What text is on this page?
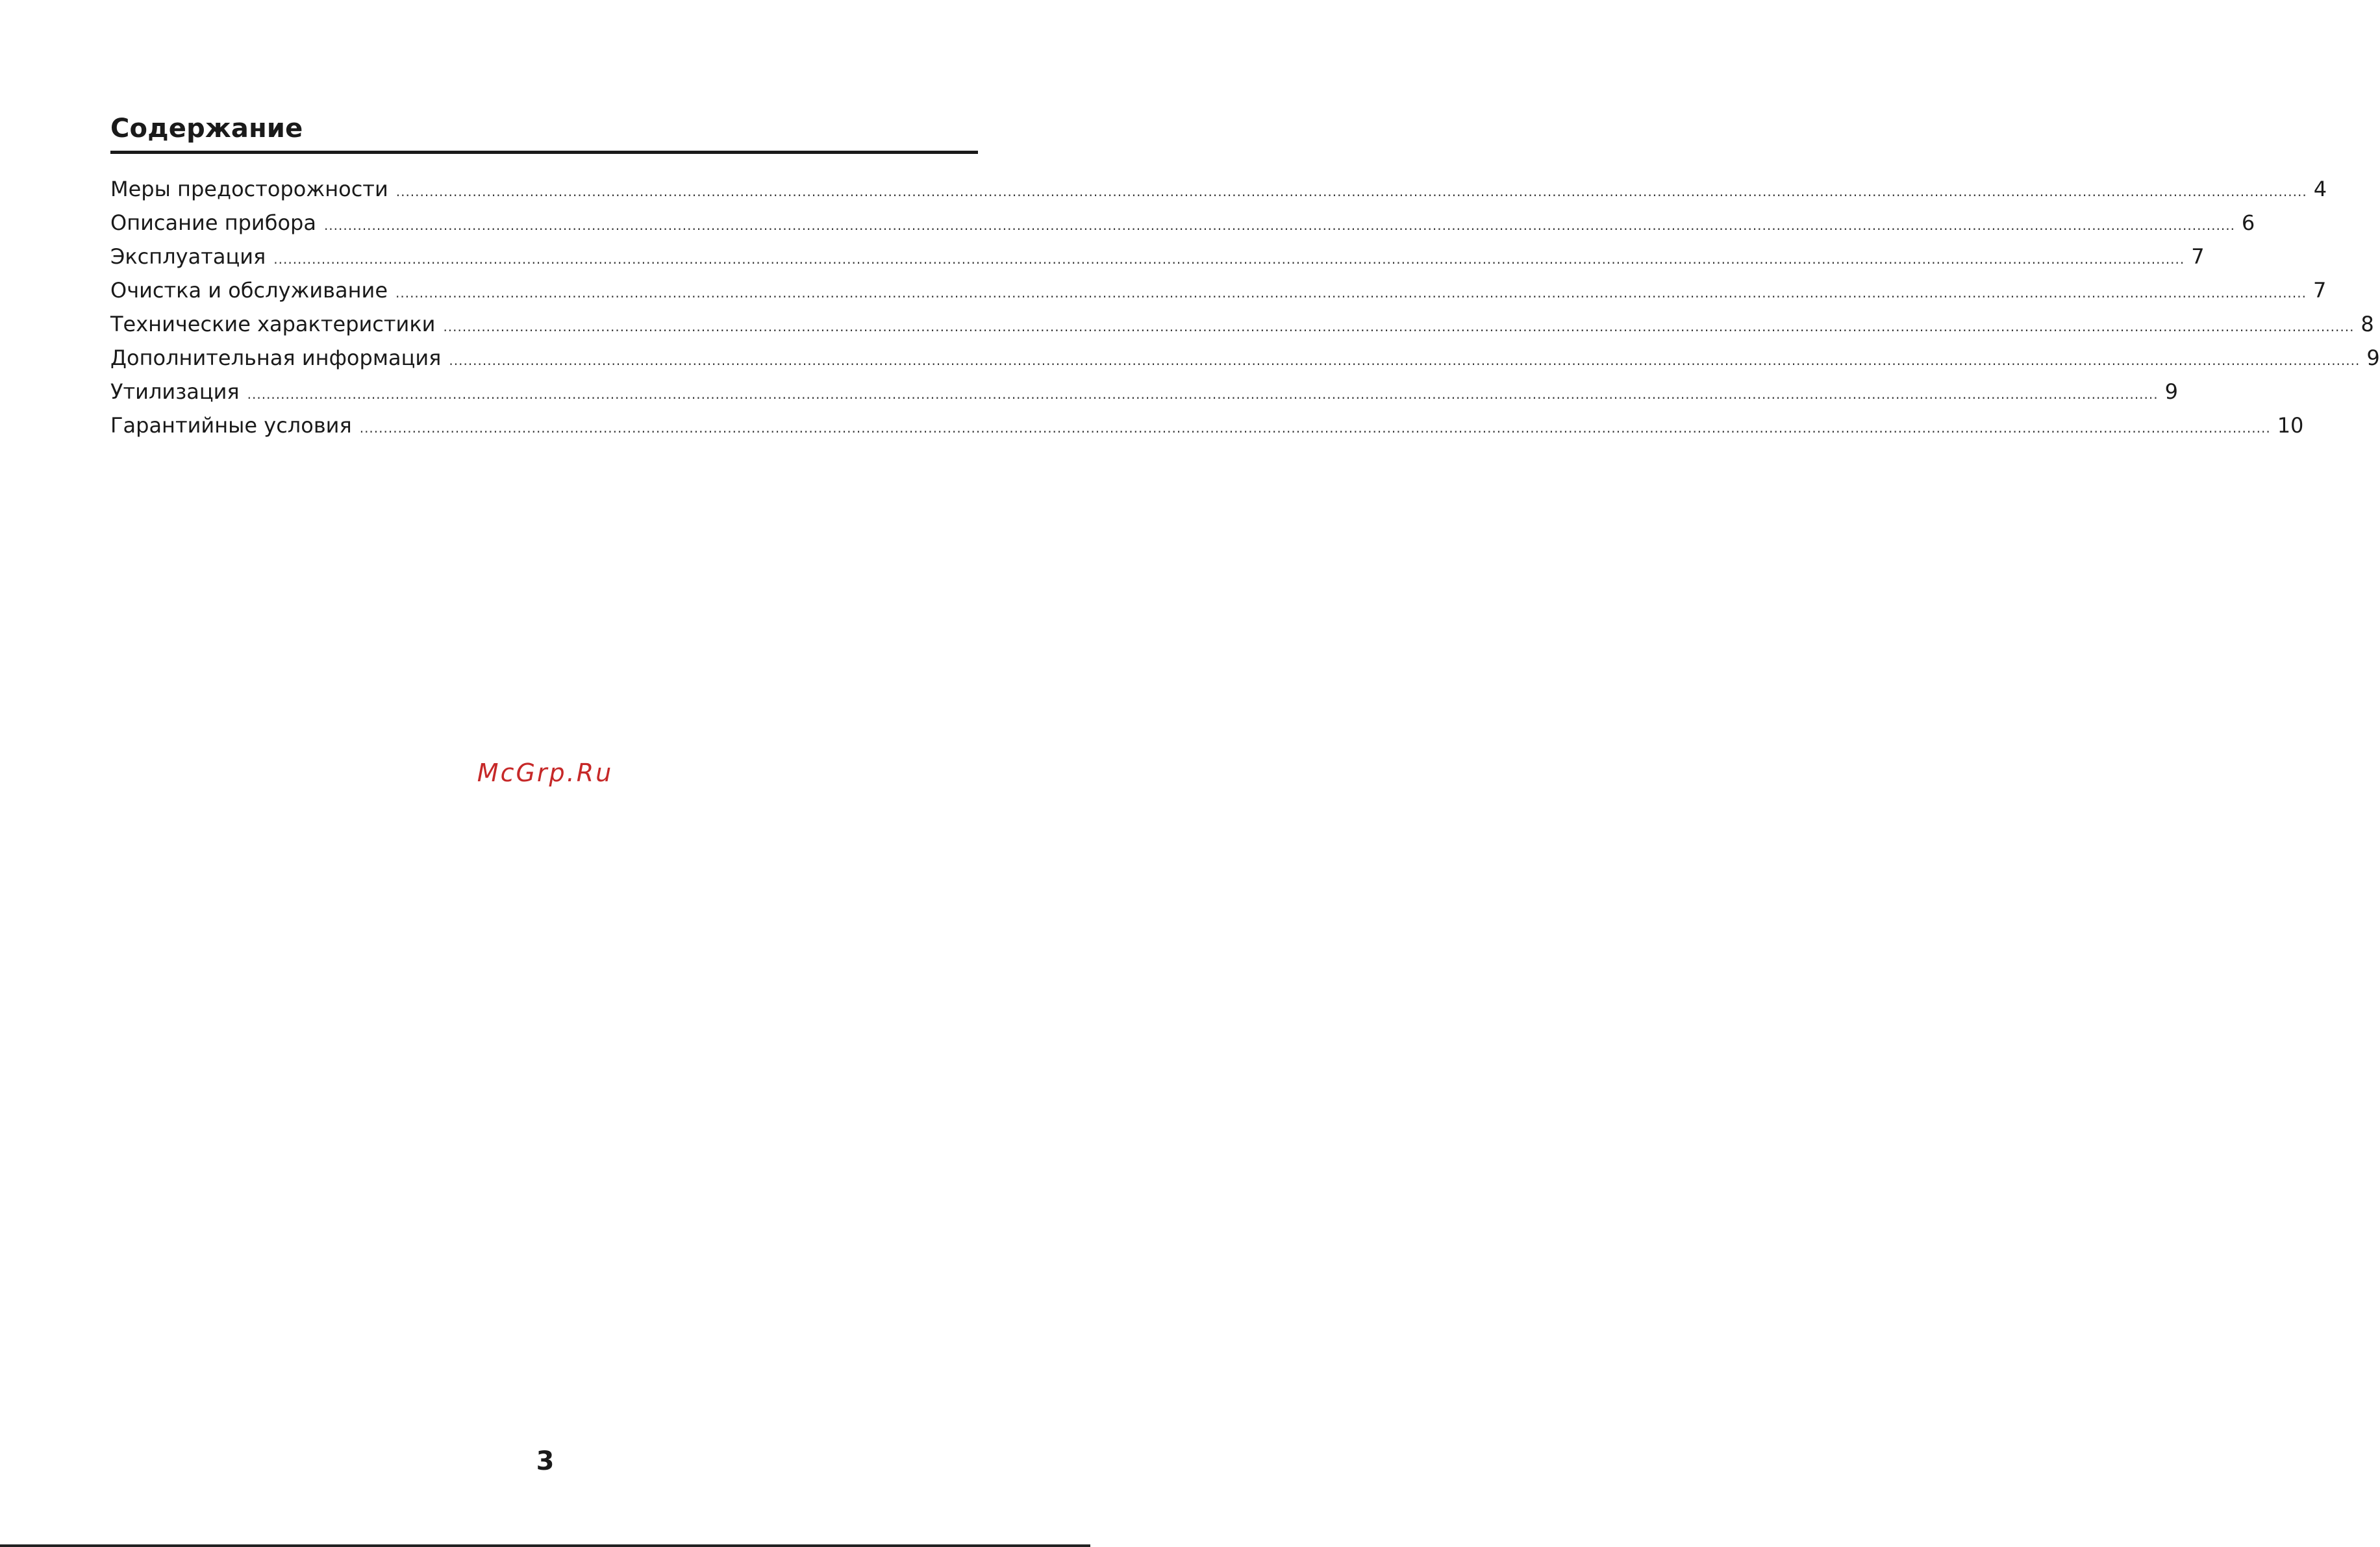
Содержание
Меры предосторожности ................................................................................................................................................................................................................................................................................................................................................................................................................ 4
Описание прибора ................................................................................................................................................................................................................................................................................................................................................................................................................ 6
Эксплуатация ................................................................................................................................................................................................................................................................................................................................................................................................................ 7
Очистка и обслуживание ................................................................................................................................................................................................................................................................................................................................................................................................................ 7
Технические характеристики ................................................................................................................................................................................................................................................................................................................................................................................................................ 8
Дополнительная информация ................................................................................................................................................................................................................................................................................................................................................................................................................ 9
Утилизация ................................................................................................................................................................................................................................................................................................................................................................................................................ 9
Гарантийные условия ................................................................................................................................................................................................................................................................................................................................................................................................................ 10
McGrp.Ru
3
